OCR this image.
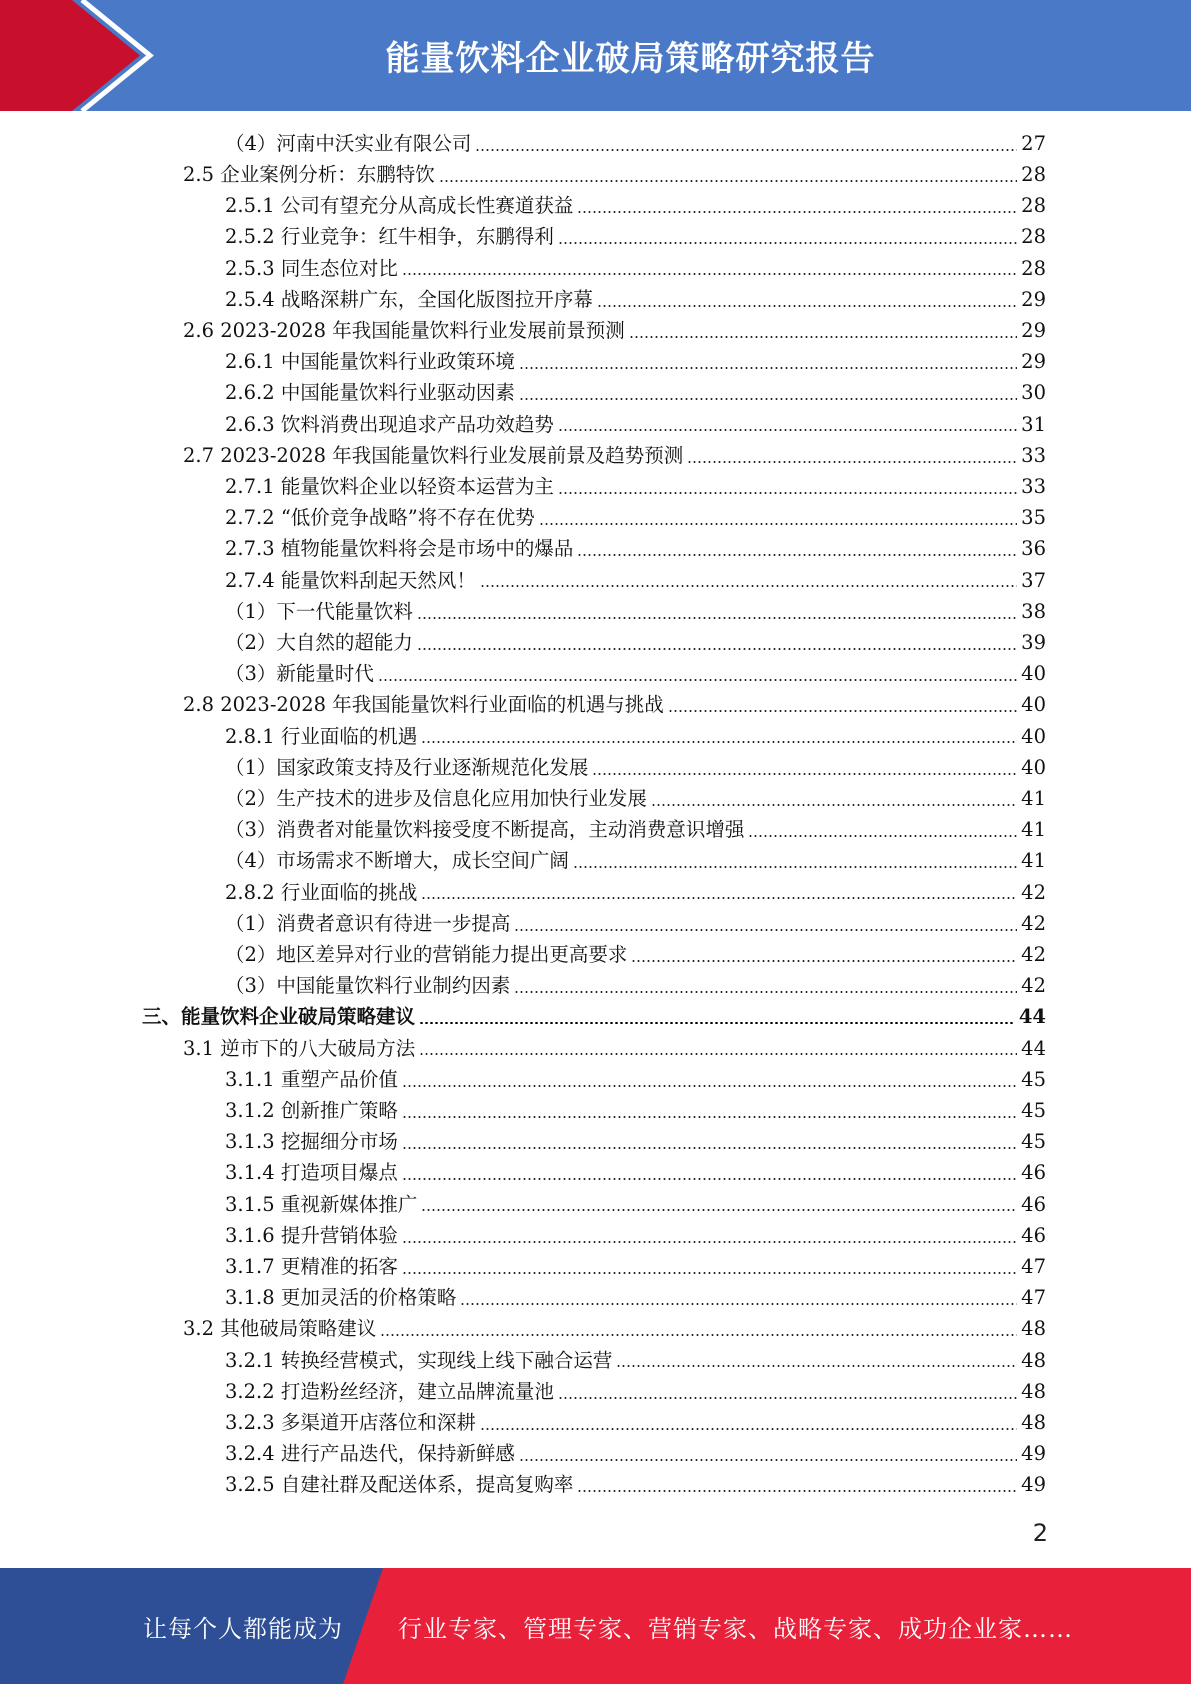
能量饮料企业破局策略研究报告
（4）河南中沃实业有限公司	27
2.5 企业案例分析：东鹏特饮	28
2.5.1 公司有望充分从高成长性赛道获益	28
2.5.2 行业竞争：红牛相争，东鹏得利	28
2.5.3 同生态位对比	28
2.5.4 战略深耕广东，全国化版图拉开序幕	29
2.6 2023-2028 年我国能量饮料行业发展前景预测	29
2.6.1 中国能量饮料行业政策环境	29
2.6.2 中国能量饮料行业驱动因素	30
2.6.3 饮料消费出现追求产品功效趋势	31
2.7 2023-2028 年我国能量饮料行业发展前景及趋势预测	33
2.7.1 能量饮料企业以轻资本运营为主	33
2.7.2 “低价竞争战略”将不存在优势	35
2.7.3 植物能量饮料将会是市场中的爆品	36
2.7.4 能量饮料刮起天然风！	37
（1）下一代能量饮料	38
（2）大自然的超能力	39
（3）新能量时代	40
2.8 2023-2028 年我国能量饮料行业面临的机遇与挑战	40
2.8.1 行业面临的机遇	40
（1）国家政策支持及行业逐渐规范化发展	40
（2）生产技术的进步及信息化应用加快行业发展	41
（3）消费者对能量饮料接受度不断提高，主动消费意识增强	41
（4）市场需求不断增大，成长空间广阔	41
2.8.2 行业面临的挑战	42
（1）消费者意识有待进一步提高	42
（2）地区差异对行业的营销能力提出更高要求	42
（3）中国能量饮料行业制约因素	42
三、能量饮料企业破局策略建议	44
3.1 逆市下的八大破局方法	44
3.1.1 重塑产品价值	45
3.1.2 创新推广策略	45
3.1.3 挖掘细分市场	45
3.1.4 打造项目爆点	46
3.1.5 重视新媒体推广	46
3.1.6 提升营销体验	46
3.1.7 更精准的拓客	47
3.1.8 更加灵活的价格策略	47
3.2 其他破局策略建议	48
3.2.1 转换经营模式，实现线上线下融合运营	48
3.2.2 打造粉丝经济，建立品牌流量池	48
3.2.3 多渠道开店落位和深耕	48
3.2.4 进行产品迭代，保持新鲜感	49
3.2.5 自建社群及配送体系，提高复购率	49
2
让每个人都能成为 行业专家、管理专家、营销专家、战略专家、成功企业家……
